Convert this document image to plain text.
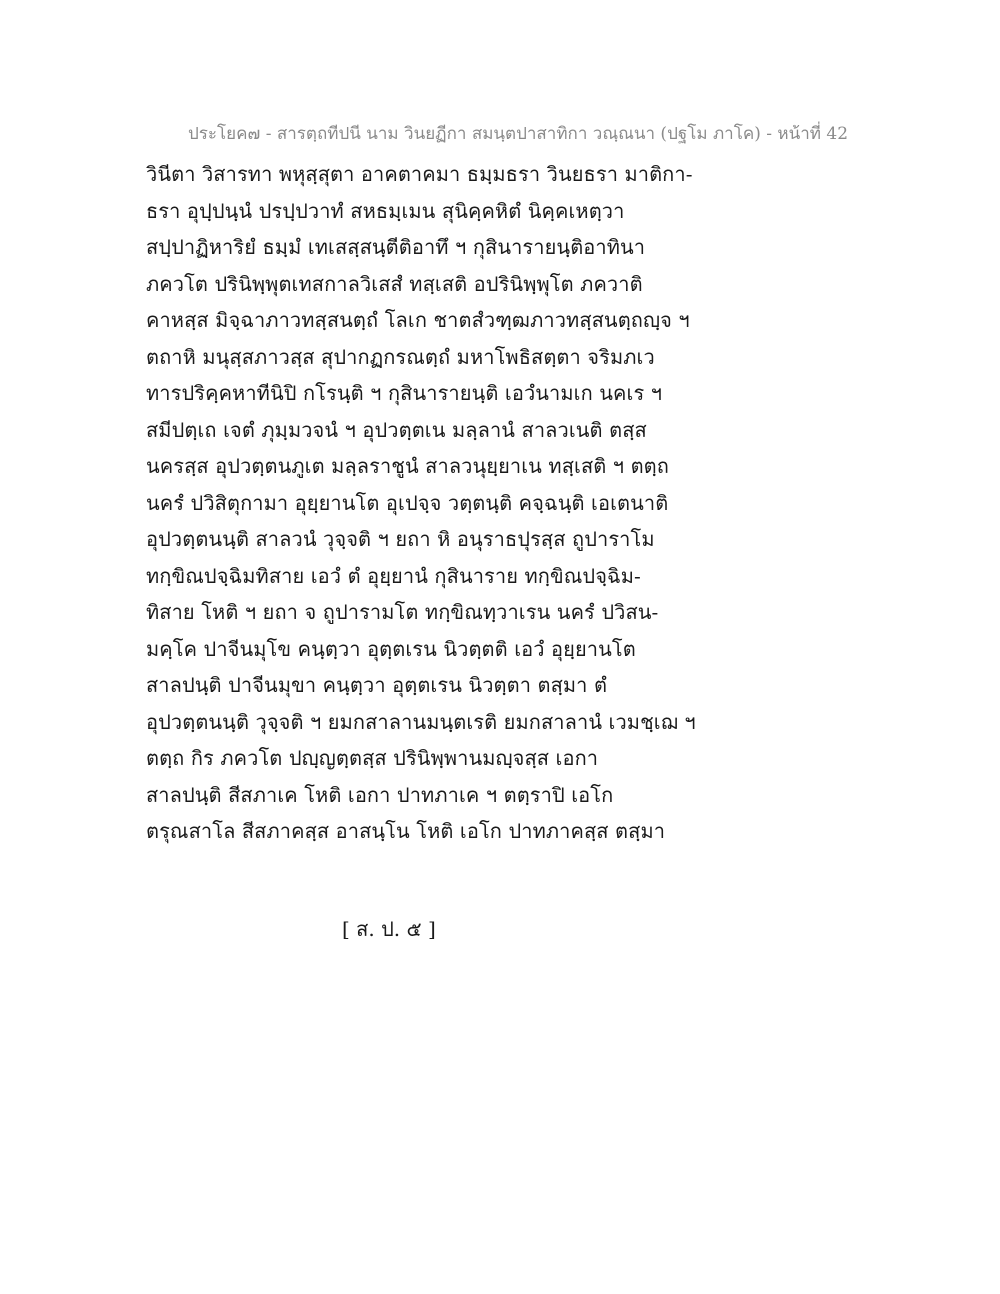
ประโยค๗ - สารตฺถทีปนี นาม วินยฏีกา สมนฺตปาสาทิกา วณฺณนา (ปฐโม ภาโค) - หน้าที่ 42
วินีตา วิสารทา พหุสฺสุตา อาคตาคมา ธมฺมธรา วินยธรา มาติกา-
ธรา อุปฺปนฺนํ ปรปฺปวาทํ สหธมฺเมน สุนิคฺคหิตํ นิคฺคเหตฺวา
สปฺปาฏิหาริยํ ธมฺมํ เทเสสฺสนฺตีติอาทึ ฯ กุสินารายนฺติอาทินา
ภควโต ปรินิพฺพุตเทสกาลวิเสสํ ทสฺเสติ อปรินิพฺพุโต ภควาติ
คาหสฺส มิจฺฉาภาวทสฺสนตฺถํ โลเก ชาตสํวฑฺฒภาวทสฺสนตฺถญฺจ ฯ
ตถาหิ มนุสฺสภาวสฺส สุปากฏกรณตฺถํ มหาโพธิสตฺตา จริมภเว
ทารปริคฺคหาทีนิปิ กโรนฺติ ฯ กุสินารายนฺติ เอวํนามเก นคเร ฯ
สมีปตฺเถ เจตํ ภุมฺมวจนํ ฯ อุปวตฺตเน มลฺลานํ สาลวเนติ ตสฺส
นครสฺส อุปวตฺตนภูเต มลฺลราชูนํ สาลวนุยฺยาเน ทสฺเสติ ฯ ตตฺถ
นครํ ปวิสิตุกามา อุยฺยานโต อุเปจฺจ วตฺตนฺติ คจฺฉนฺติ เอเตนาติ
อุปวตฺตนนฺติ สาลวนํ วุจฺจติ ฯ ยถา หิ อนุราธปุรสฺส ถูปาราโม
ทกฺขิณปจฺฉิมทิสาย เอวํ ตํ อุยฺยานํ กุสินาราย ทกฺขิณปจฺฉิม-
ทิสาย โหติ ฯ ยถา จ ถูปารามโต ทกฺขิณทฺวาเรน นครํ ปวิสน-
มคฺโค ปาจีนมุโข คนฺตฺวา อุตฺตเรน นิวตฺตติ เอวํ อุยฺยานโต
สาลปนฺติ ปาจีนมุขา คนฺตฺวา อุตฺตเรน นิวตฺตา ตสฺมา ตํ
อุปวตฺตนนฺติ วุจฺจติ ฯ ยมกสาลานมนฺตเรติ ยมกสาลานํ เวมชฺเฌ ฯ
ตตฺถ กิร ภควโต ปญฺญตฺตสฺส ปรินิพฺพานมญฺจสฺส เอกา
สาลปนฺติ สีสภาเค โหติ เอกา ปาทภาเค ฯ ตตฺราปิ เอโก
ตรุณสาโล สีสภาคสฺส อาสนฺโน โหติ เอโก ปาทภาคสฺส ตสฺมา
[ ส. ป. ๕ ]
